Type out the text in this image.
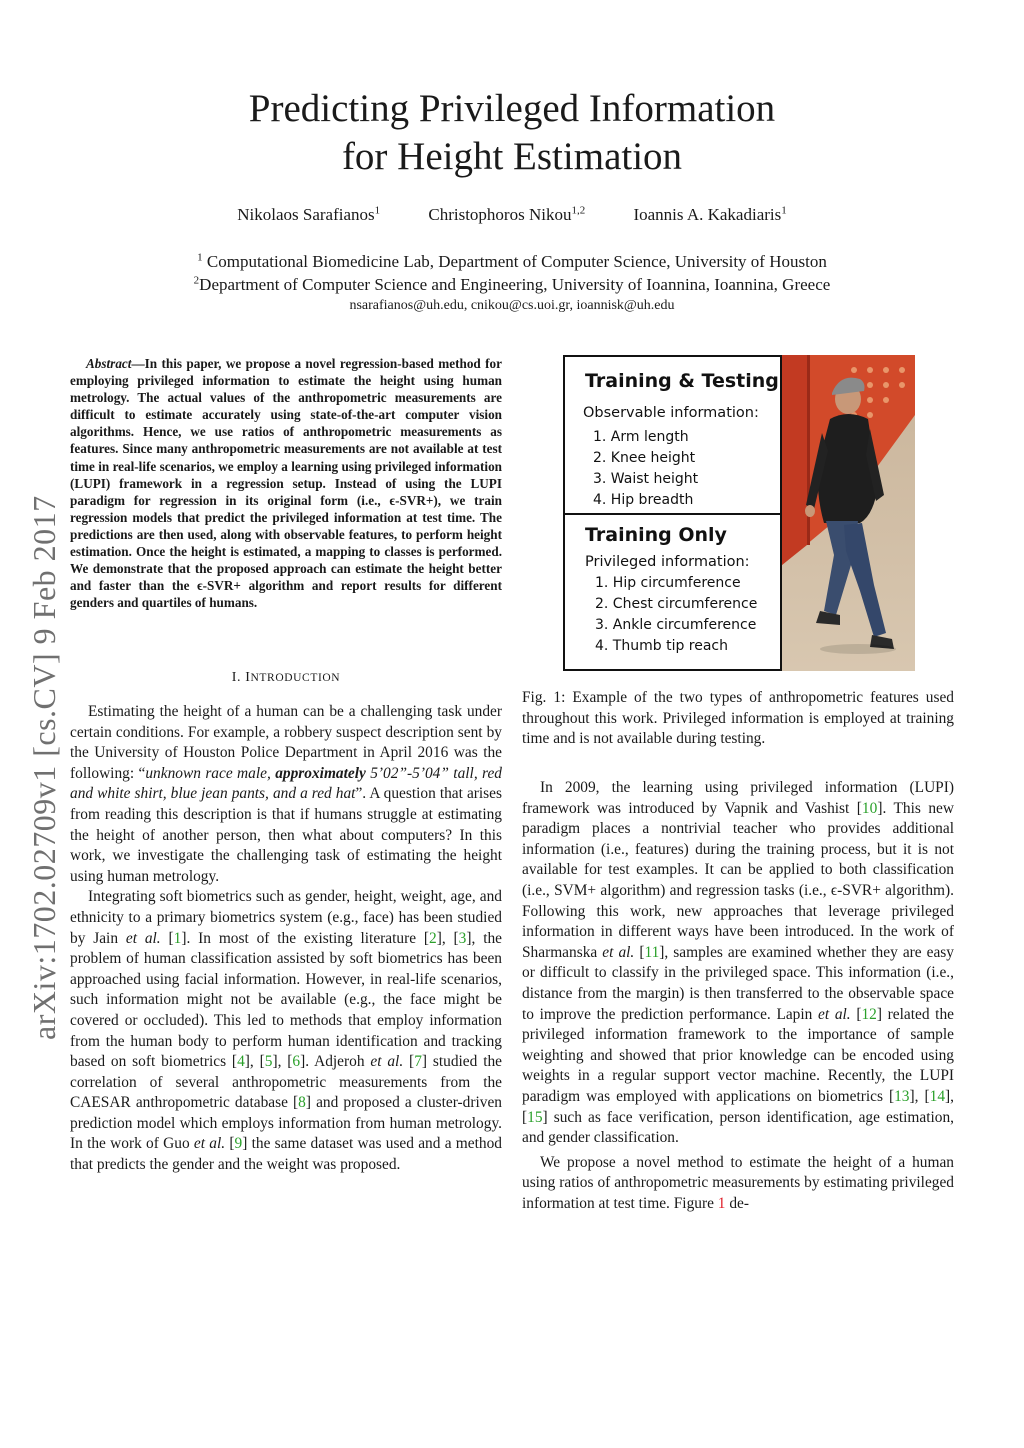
Predicting Privileged Information
for Height Estimation
Nikolaos Sarafianos$^1$	Christophoros Nikou$^{1,2}$	Ioannis A. Kakadiaris$^1$
$^1$ Computational Biomedicine Lab, Department of Computer Science, University of Houston
$^2$Department of Computer Science and Engineering, University of Ioannina, Ioannina, Greece
nsarafianos@uh.edu, cnikou@cs.uoi.gr, ioannisk@uh.edu
arXiv:1702.02709v1 [cs.CV] 9 Feb 2017
Abstract—In this paper, we propose a novel regression-based method for employing privileged information to estimate the height using human metrology. The actual values of the anthropometric measurements are difficult to estimate accurately using state-of-the-art computer vision algorithms. Hence, we use ratios of anthropometric measurements as features. Since many anthropometric measurements are not available at test time in real-life scenarios, we employ a learning using privileged information (LUPI) framework in a regression setup. Instead of using the LUPI paradigm for regression in its original form (i.e., ϵ-SVR+), we train regression models that predict the privileged information at test time. The predictions are then used, along with observable features, to perform height estimation. Once the height is estimated, a mapping to classes is performed. We demonstrate that the proposed approach can estimate the height better and faster than the ϵ-SVR+ algorithm and report results for different genders and quartiles of humans.
I. INTRODUCTION

Estimating the height of a human can be a challenging task under certain conditions. For example, a robbery suspect description sent by the University of Houston Police Department in April 2016 was the following: “unknown race male, approximately 5’02”-5’04” tall, red and white shirt, blue jean pants, and a red hat”. A question that arises from reading this description is that if humans struggle at estimating the height of another person, then what about computers? In this work, we investigate the challenging task of estimating the height using human metrology.

Integrating soft biometrics such as gender, height, weight, age, and ethnicity to a primary biometrics system (e.g., face) has been studied by Jain et al. [1]. In most of the existing literature [2], [3], the problem of human classification assisted by soft biometrics has been approached using facial information. However, in real-life scenarios, such information might not be available (e.g., the face might be covered or occluded). This led to methods that employ information from the human body to perform human identification and tracking based on soft biometrics [4], [5], [6]. Adjeroh et al. [7] studied the correlation of several anthropometric measurements from the CAESAR anthropometric database [8] and proposed a cluster-driven prediction model which employs information from human metrology. In the work of Guo et al. [9] the same dataset was used and a method that predicts the gender and the weight was proposed.

Training & Testing
Observable information:
1. Arm length
2. Knee height
3. Waist height
4. Hip breadth
Training Only
Privileged information:
1. Hip circumference
2. Chest circumference
3. Ankle circumference
4. Thumb tip reach
Fig. 1: Example of the two types of anthropometric features used throughout this work. Privileged information is employed at training time and is not available during testing.

In 2009, the learning using privileged information (LUPI) framework was introduced by Vapnik and Vashist [10]. This new paradigm places a nontrivial teacher who provides additional information (i.e., features) during the training process, but it is not available for test examples. It can be applied to both classification (i.e., SVM+ algorithm) and regression tasks (i.e., ϵ-SVR+ algorithm). Following this work, new approaches that leverage privileged information in different ways have been introduced. In the work of Sharmanska et al. [11], samples are examined whether they are easy or difficult to classify in the privileged space. This information (i.e., distance from the margin) is then transferred to the observable space to improve the prediction performance. Lapin et al. [12] related the privileged information framework to the importance of sample weighting and showed that prior knowledge can be encoded using weights in a regular support vector machine. Recently, the LUPI paradigm was employed with applications on biometrics [13], [14], [15] such as face verification, person identification, age estimation, and gender classification.

We propose a novel method to estimate the height of a human using ratios of anthropometric measurements by estimating privileged information at test time. Figure 1 de-
